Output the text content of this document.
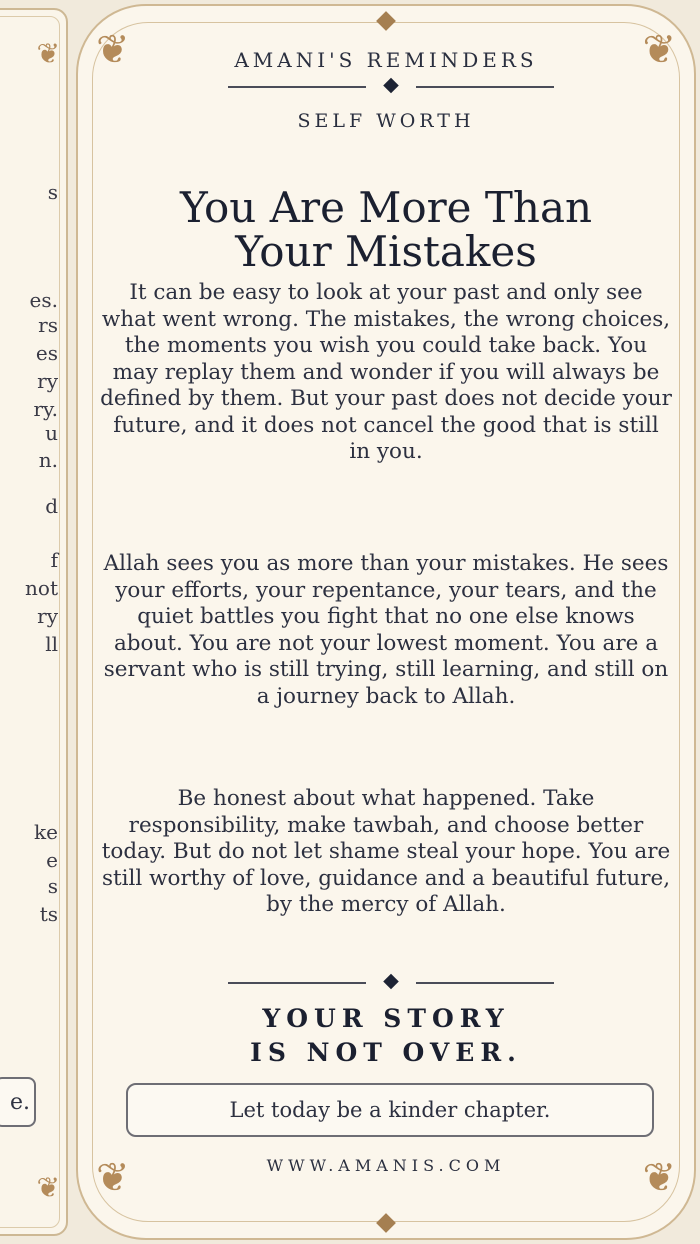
❦
❦
s
es.
rs
es
ry
ry.
u
n.
d
f
not
ry
ll
ke
e
s
ts
e.
❦	❦
❦	❦
AMANI'S REMINDERS
SELF WORTH
You Are More Than
Your Mistakes

It can be easy to look at your past and only see what went wrong. The mistakes, the wrong choices, the moments you wish you could take back. You may replay them and wonder if you will always be defined by them. But your past does not decide your future, and it does not cancel the good that is still in you.

Allah sees you as more than your mistakes. He sees your efforts, your repentance, your tears, and the quiet battles you fight that no one else knows about. You are not your lowest moment. You are a servant who is still trying, still learning, and still on a journey back to Allah.

Be honest about what happened. Take responsibility, make tawbah, and choose better today. But do not let shame steal your hope. You are still worthy of love, guidance and a beautiful future, by the mercy of Allah.

YOUR STORY
IS NOT OVER.
Let today be a kinder chapter.
WWW.AMANIS.COM
